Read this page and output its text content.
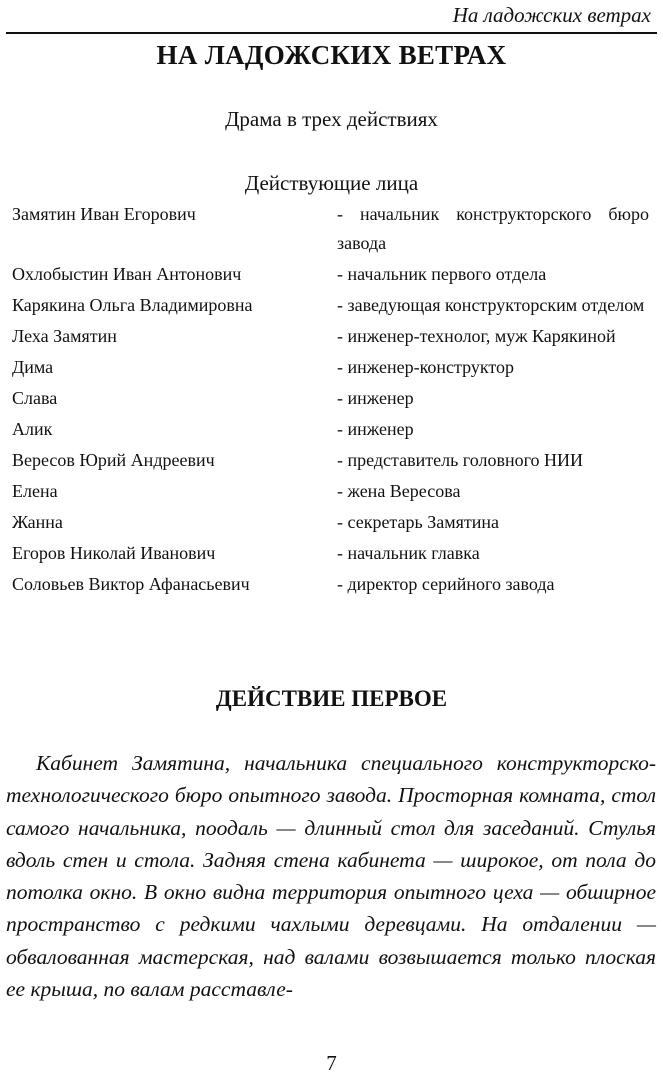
На ладожских ветрах
НА ЛАДОЖСКИХ ВЕТРАХ
Драма в трех действиях
Действующие лица
Замятин Иван Егорович	- начальник конструкторского бюро завода
Охлобыстин Иван Антонович	- начальник первого отдела
Карякина Ольга Владимировна	- заведующая конструкторским отделом
Леха Замятин	- инженер-технолог, муж Карякиной
Дима	- инженер-конструктор
Слава	- инженер
Алик	- инженер
Вересов Юрий Андреевич	- представитель головного НИИ
Елена	- жена Вересова
Жанна	- секретарь Замятина
Егоров Николай Иванович	- начальник главка
Соловьев Виктор Афанасьевич	- директор серийного завода
ДЕЙСТВИЕ ПЕРВОЕ

Кабинет Замятина, начальника специального конструкторско-технологического бюро опытного завода. Просторная комната, стол самого начальника, поодаль — длинный стол для заседаний. Стулья вдоль стен и стола. Задняя стена кабинета — широкое, от пола до потолка окно. В окно видна территория опытного цеха — обширное пространство с редкими чахлыми деревцами. На отдалении — обвалованная мастерская, над валами возвышается только плоская ее крыша, по валам расставле-

7
